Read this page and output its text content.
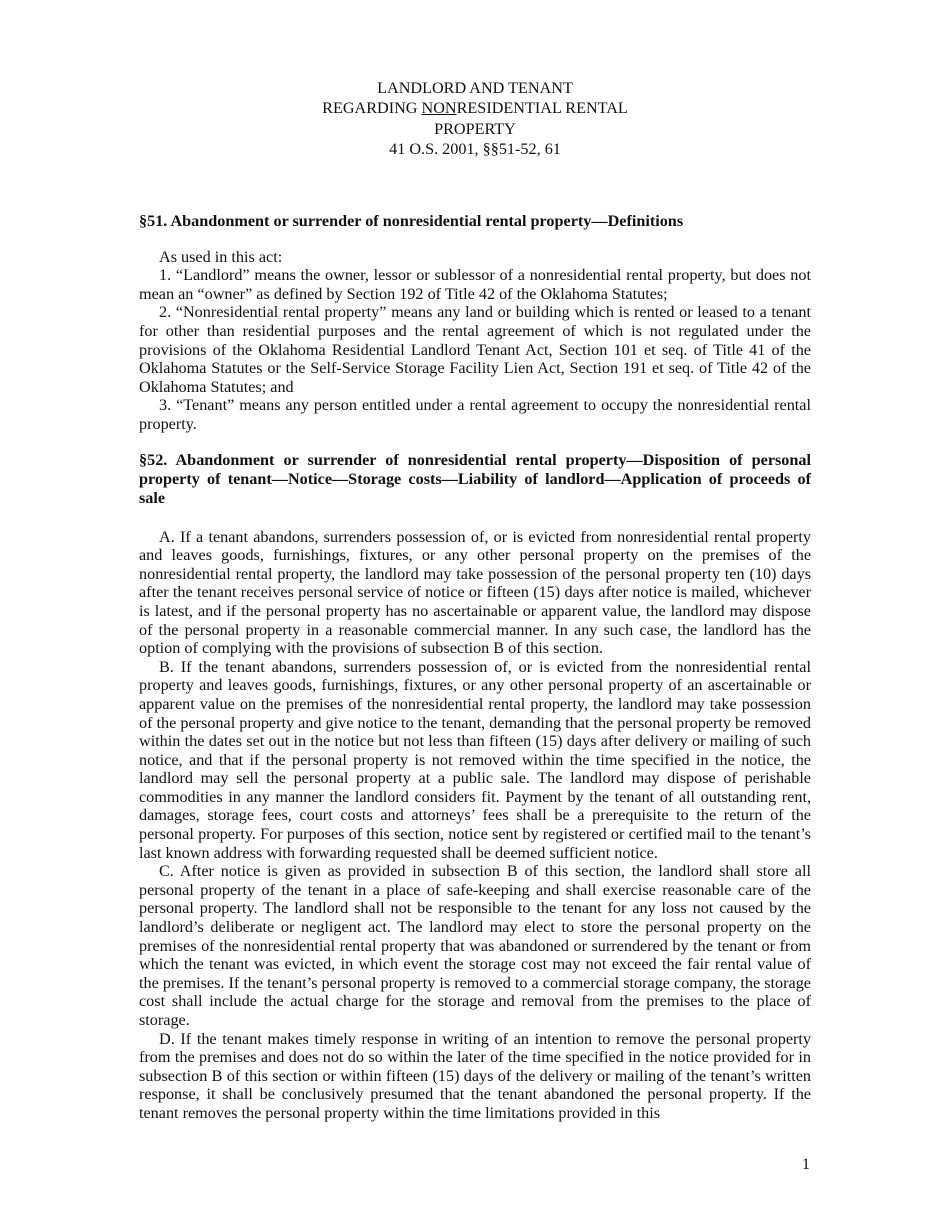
LANDLORD AND TENANT
REGARDING NONRESIDENTIAL RENTAL
PROPERTY
41 O.S. 2001, §§51-52, 61
§51. Abandonment or surrender of nonresidential rental property—Definitions

As used in this act:

1. “Landlord” means the owner, lessor or sublessor of a nonresidential rental property, but does not mean an “owner” as defined by Section 192 of Title 42 of the Oklahoma Statutes;

2. “Nonresidential rental property” means any land or building which is rented or leased to a tenant for other than residential purposes and the rental agreement of which is not regulated under the provisions of the Oklahoma Residential Landlord Tenant Act, Section 101 et seq. of Title 41 of the Oklahoma Statutes or the Self-Service Storage Facility Lien Act, Section 191 et seq. of Title 42 of the Oklahoma Statutes; and

3. “Tenant” means any person entitled under a rental agreement to occupy the nonresidential rental property.

§52. Abandonment or surrender of nonresidential rental property—Disposition of personal property of tenant—Notice—Storage costs—Liability of landlord—Application of proceeds of sale

A. If a tenant abandons, surrenders possession of, or is evicted from nonresidential rental property and leaves goods, furnishings, fixtures, or any other personal property on the premises of the nonresidential rental property, the landlord may take possession of the personal property ten (10) days after the tenant receives personal service of notice or fifteen (15) days after notice is mailed, whichever is latest, and if the personal property has no ascertainable or apparent value, the landlord may dispose of the personal property in a reasonable commercial manner. In any such case, the landlord has the option of complying with the provisions of subsection B of this section.

B. If the tenant abandons, surrenders possession of, or is evicted from the nonresidential rental property and leaves goods, furnishings, fixtures, or any other personal property of an ascertainable or apparent value on the premises of the nonresidential rental property, the landlord may take possession of the personal property and give notice to the tenant, demanding that the personal property be removed within the dates set out in the notice but not less than fifteen (15) days after delivery or mailing of such notice, and that if the personal property is not removed within the time specified in the notice, the landlord may sell the personal property at a public sale. The landlord may dispose of perishable commodities in any manner the landlord considers fit. Payment by the tenant of all outstanding rent, damages, storage fees, court costs and attorneys’ fees shall be a prerequisite to the return of the personal property. For purposes of this section, notice sent by registered or certified mail to the tenant’s last known address with forwarding requested shall be deemed sufficient notice.

C. After notice is given as provided in subsection B of this section, the landlord shall store all personal property of the tenant in a place of safe-keeping and shall exercise reasonable care of the personal property. The landlord shall not be responsible to the tenant for any loss not caused by the landlord’s deliberate or negligent act. The landlord may elect to store the personal property on the premises of the nonresidential rental property that was abandoned or surrendered by the tenant or from which the tenant was evicted, in which event the storage cost may not exceed the fair rental value of the premises. If the tenant’s personal property is removed to a commercial storage company, the storage cost shall include the actual charge for the storage and removal from the premises to the place of storage.

D. If the tenant makes timely response in writing of an intention to remove the personal property from the premises and does not do so within the later of the time specified in the notice provided for in subsection B of this section or within fifteen (15) days of the delivery or mailing of the tenant’s written response, it shall be conclusively presumed that the tenant abandoned the personal property. If the tenant removes the personal property within the time limitations provided in this

1
